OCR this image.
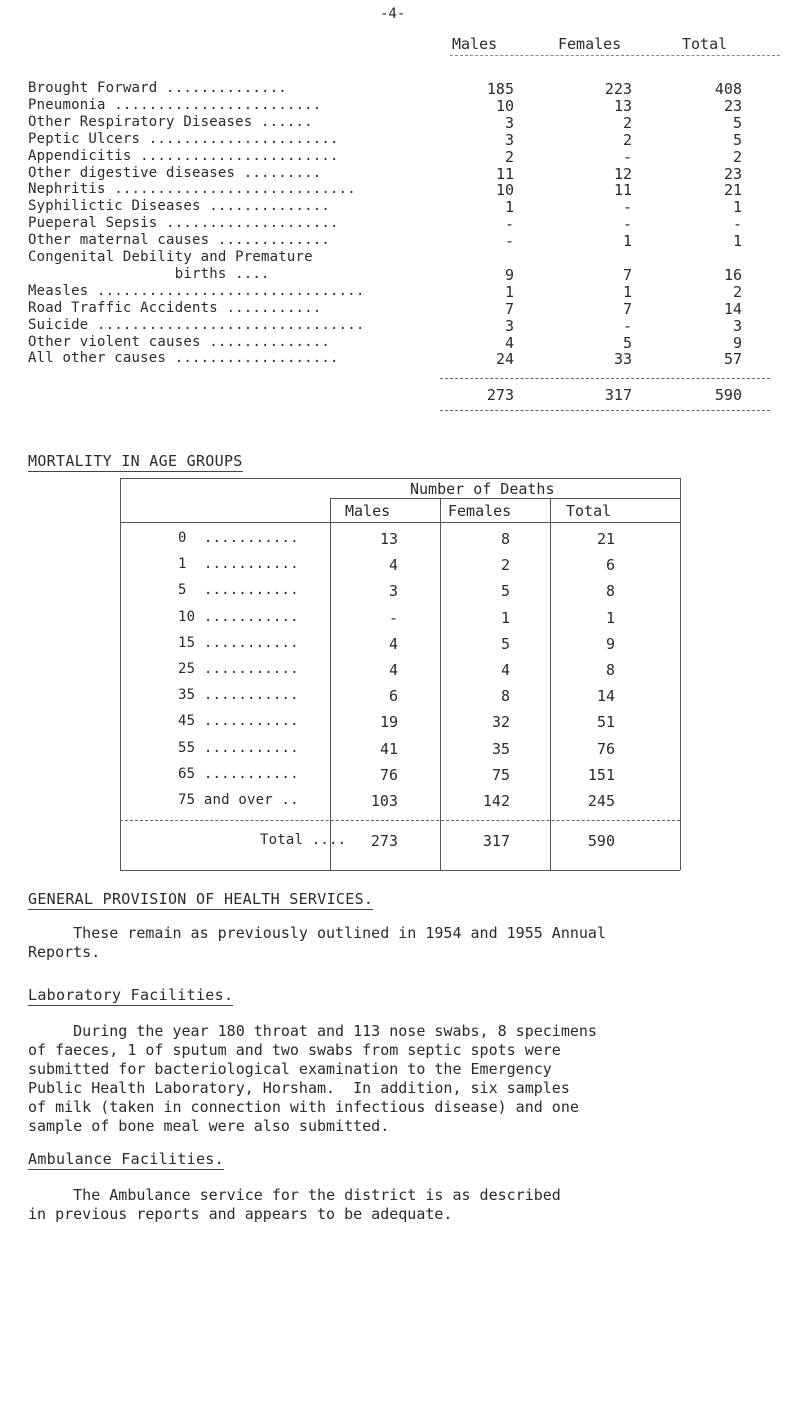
-4-
Males	Females	Total
Brought Forward ..............	185	223	408
Pneumonia ........................	10	13	23
Other Respiratory Diseases ......	3	2	5
Peptic Ulcers ......................	3	2	5
Appendicitis .......................	2	-	2
Other digestive diseases .........	11	12	23
Nephritis ............................	10	11	21
Syphilictic Diseases ..............	1	-	1
Pueperal Sepsis ....................	-	-	-
Other maternal causes .............	-	1	1
Congenital Debility and Premature
births ....	9	7	16
Measles ...............................	1	1	2
Road Traffic Accidents ...........	7	7	14
Suicide ...............................	3	-	3
Other violent causes ..............	4	5	9
All other causes ...................	24	33	57
273	317	590
MORTALITY IN AGE GROUPS
Number of Deaths
Males	Females	Total
0  ...........	13	8	21
1  ...........	4	2	6
5  ...........	3	5	8
10 ...........	-	1	1
15 ...........	4	5	9
25 ...........	4	4	8
35 ...........	6	8	14
45 ...........	19	32	51
55 ...........	41	35	76
65 ...........	76	75	151
75 and over ..	103	142	245
Total ....	273	317	590
GENERAL PROVISION OF HEALTH SERVICES.
These remain as previously outlined in 1954 and 1955 Annual
Reports.
Laboratory Facilities.
During the year 180 throat and 113 nose swabs, 8 specimens
of faeces, 1 of sputum and two swabs from septic spots were
submitted for bacteriological examination to the Emergency
Public Health Laboratory, Horsham.  In addition, six samples
of milk (taken in connection with infectious disease) and one
sample of bone meal were also submitted.
Ambulance Facilities.
The Ambulance service for the district is as described
in previous reports and appears to be adequate.
